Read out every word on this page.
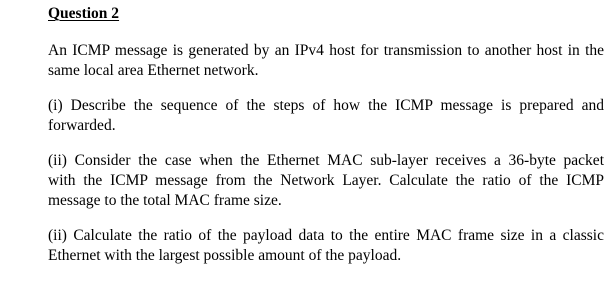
Question 2
An ICMP message is generated by an IPv4 host for transmission to another host in the
same local area Ethernet network.
(i) Describe the sequence of the steps of how the ICMP message is prepared and
forwarded.
(ii) Consider the case when the Ethernet MAC sub-layer receives a 36-byte packet
with the ICMP message from the Network Layer. Calculate the ratio of the ICMP
message to the total MAC frame size.
(ii) Calculate the ratio of the payload data to the entire MAC frame size in a classic
Ethernet with the largest possible amount of the payload.
